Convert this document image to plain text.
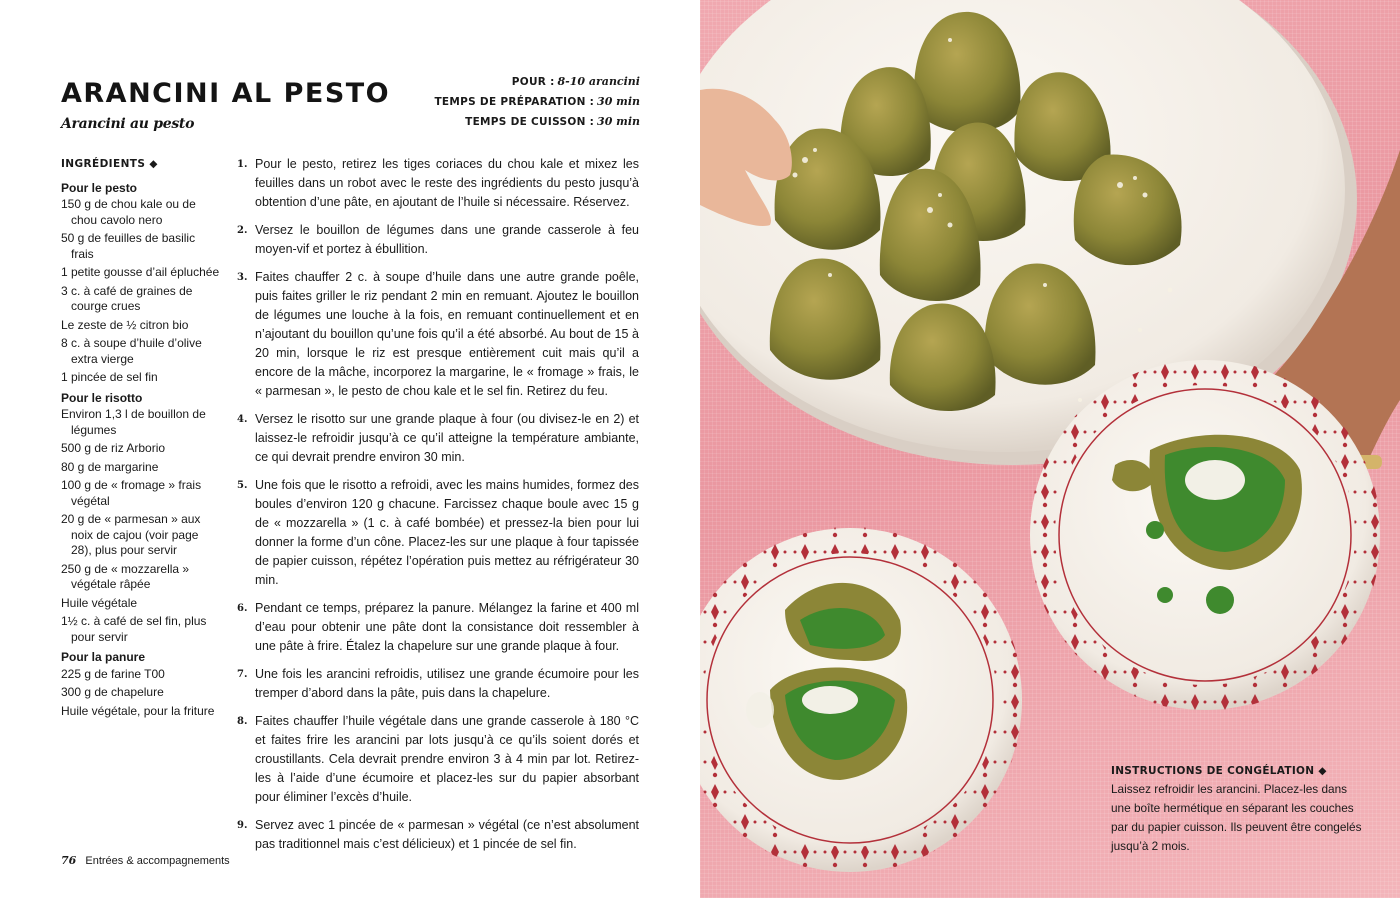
ARANCINI AL PESTO
Arancini au pesto
POUR : 8-10 arancini
TEMPS DE PRÉPARATION : 30 min
TEMPS DE CUISSON : 30 min
INGRÉDIENTS ◆
Pour le pesto
150 g de chou kale ou de chou cavolo nero
50 g de feuilles de basilic frais
1 petite gousse d’ail épluchée
3 c. à café de graines de courge crues
Le zeste de ½ citron bio
8 c. à soupe d’huile d’olive extra vierge
1 pincée de sel fin
Pour le risotto
Environ 1,3 l de bouillon de légumes
500 g de riz Arborio
80 g de margarine
100 g de « fromage » frais végétal
20 g de « parmesan » aux noix de cajou (voir page 28), plus pour servir
250 g de « mozzarella » végétale râpée
Huile végétale
1½ c. à café de sel fin, plus pour servir
Pour la panure
225 g de farine T00
300 g de chapelure
Huile végétale, pour la friture
1. Pour le pesto, retirez les tiges coriaces du chou kale et mixez les feuilles dans un robot avec le reste des ingrédients du pesto jusqu’à obtention d’une pâte, en ajoutant de l’huile si nécessaire. Réservez.
2. Versez le bouillon de légumes dans une grande casserole à feu moyen-vif et portez à ébullition.
3. Faites chauffer 2 c. à soupe d’huile dans une autre grande poêle, puis faites griller le riz pendant 2 min en remuant. Ajoutez le bouillon de légumes une louche à la fois, en remuant continuellement et en n’ajoutant du bouillon qu’une fois qu’il a été absorbé. Au bout de 15 à 20 min, lorsque le riz est presque entièrement cuit mais qu’il a encore de la mâche, incorporez la margarine, le « fromage » frais, le « parmesan », le pesto de chou kale et le sel fin. Retirez du feu.
4. Versez le risotto sur une grande plaque à four (ou divisez-le en 2) et laissez-le refroidir jusqu’à ce qu’il atteigne la température ambiante, ce qui devrait prendre environ 30 min.
5. Une fois que le risotto a refroidi, avec les mains humides, formez des boules d’environ 120 g chacune. Farcissez chaque boule avec 15 g de « mozzarella » (1 c. à café bombée) et pressez-la bien pour lui donner la forme d’un cône. Placez-les sur une plaque à four tapissée de papier cuisson, répétez l’opération puis mettez au réfrigérateur 30 min.
6. Pendant ce temps, préparez la panure. Mélangez la farine et 400 ml d’eau pour obtenir une pâte dont la consistance doit ressembler à une pâte à frire. Étalez la chapelure sur une grande plaque à four.
7. Une fois les arancini refroidis, utilisez une grande écumoire pour les tremper d’abord dans la pâte, puis dans la chapelure.
8. Faites chauffer l’huile végétale dans une grande casserole à 180 °C et faites frire les arancini par lots jusqu’à ce qu’ils soient dorés et croustillants. Cela devrait prendre environ 3 à 4 min par lot. Retirez-les à l’aide d’une écumoire et placez-les sur du papier absorbant pour éliminer l’excès d’huile.
9. Servez avec 1 pincée de « parmesan » végétal (ce n’est absolument pas traditionnel mais c’est délicieux) et 1 pincée de sel fin.
76 Entrées & accompagnements
INSTRUCTIONS DE CONGÉLATION ◆
Laissez refroidir les arancini. Placez-les dans une boîte hermétique en séparant les couches par du papier cuisson. Ils peuvent être congelés jusqu’à 2 mois.
